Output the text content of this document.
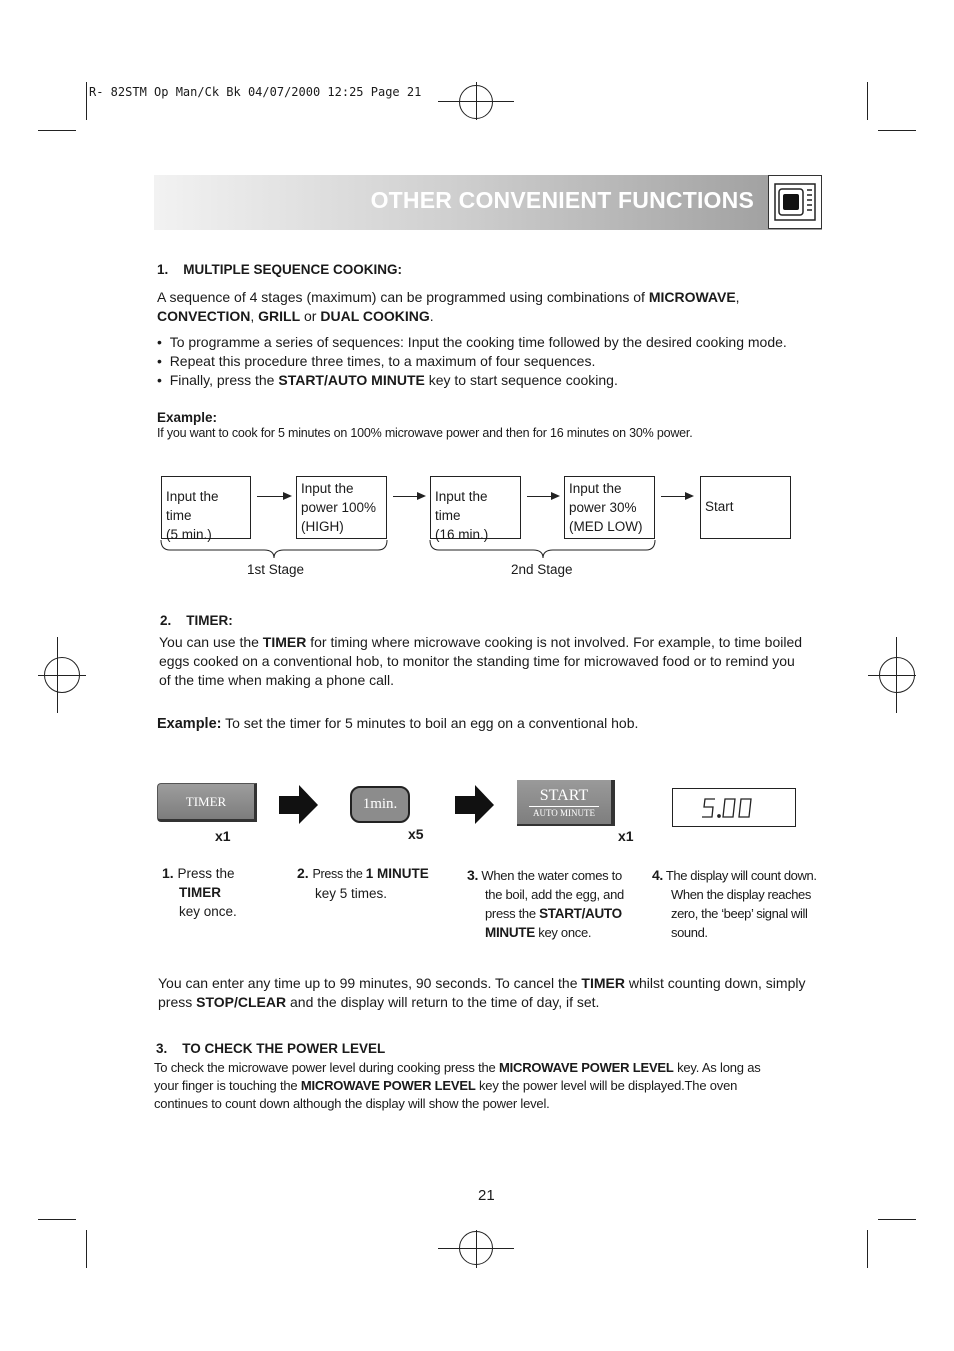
R- 82STM Op Man/Ck Bk 04/07/2000 12:25 Page 21
OTHER CONVENIENT FUNCTIONS
1.    MULTIPLE SEQUENCE COOKING:
A sequence of 4 stages (maximum) can be programmed using combinations of MICROWAVE,
CONVECTION, GRILL or DUAL COOKING.
•  To programme a series of sequences: Input the cooking time followed by the desired cooking mode.
•  Repeat this procedure three times, to a maximum of four sequences.
•  Finally, press the START/AUTO MINUTE key to start sequence cooking.
Example:
If you want to cook for 5 minutes on 100% microwave power and then for 16 minutes on 30% power.
Input the time
(5 min.)
Input the
power 100%
(HIGH)
Input the time
(16 min.)
Input the
power 30%
(MED LOW)
Start
1st Stage	2nd Stage
2.    TIMER:
You can use the TIMER for timing where microwave cooking is not involved. For example, to time boiled
eggs cooked on a conventional hob, to monitor the standing time for microwaved food or to remind you
of the time when making a phone call.
Example: To set the timer for 5 minutes to boil an egg on a conventional hob.
TIMER
x1
1min.
x5
START
AUTO MINUTE
x1
1. Press the
TIMER
key once.
2. Press the 1 MINUTE
key 5 times.
3. When the water comes to
the boil, add the egg, and
press the START/AUTO
MINUTE key once.
4. The display will count down.
When the display reaches
zero, the ‘beep’ signal will
sound.
You can enter any time up to 99 minutes, 90 seconds. To cancel the TIMER whilst counting down, simply
press STOP/CLEAR and the display will return to the time of day, if set.
3.    TO CHECK THE POWER LEVEL
To check the microwave power level during cooking press the MICROWAVE POWER LEVEL key. As long as
your finger is touching the MICROWAVE POWER LEVEL key the power level will be displayed.The oven
continues to count down although the display will show the power level.
21
